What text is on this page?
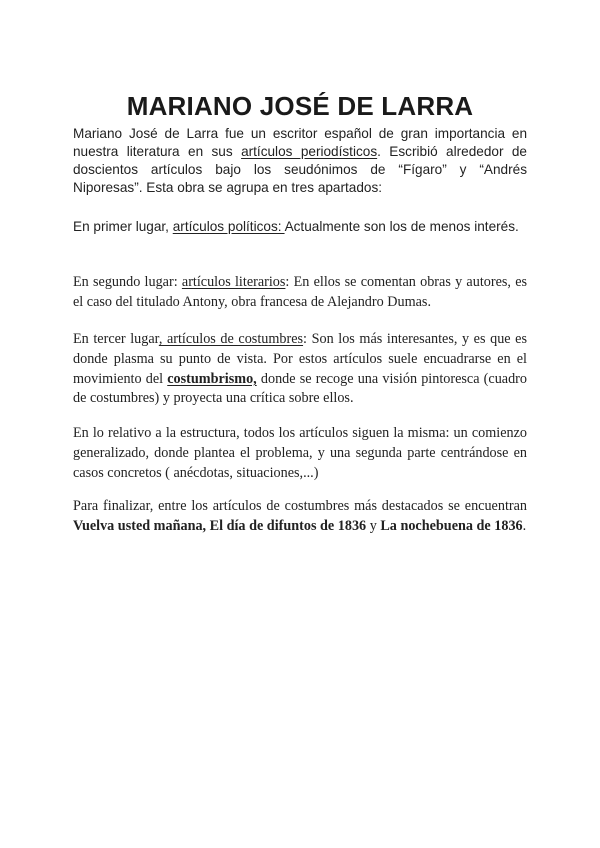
MARIANO JOSÉ DE LARRA

Mariano José de Larra fue un escritor español de gran importancia en nuestra literatura en sus artículos periodísticos. Escribió alrededor de doscientos artículos bajo los seudónimos de “Fígaro” y “Andrés Niporesas”. Esta obra se agrupa en tres apartados:

En primer lugar, artículos políticos: Actualmente son los de menos interés.

En segundo lugar: artículos literarios: En ellos se comentan obras y autores, es el caso del titulado Antony, obra francesa de Alejandro Dumas.

En tercer lugar, artículos de costumbres: Son los más interesantes, y es que es donde plasma su punto de vista. Por estos artículos suele encuadrarse en el movimiento del costumbrismo, donde se recoge una visión pintoresca (cuadro de costumbres) y proyecta una crítica sobre ellos.

En lo relativo a la estructura, todos los artículos siguen la misma: un comienzo generalizado, donde plantea el problema, y una segunda parte centrándose en casos concretos ( anécdotas, situaciones,...)

Para finalizar, entre los artículos de costumbres más destacados se encuentran Vuelva usted mañana, El día de difuntos de 1836 y La nochebuena de 1836.
